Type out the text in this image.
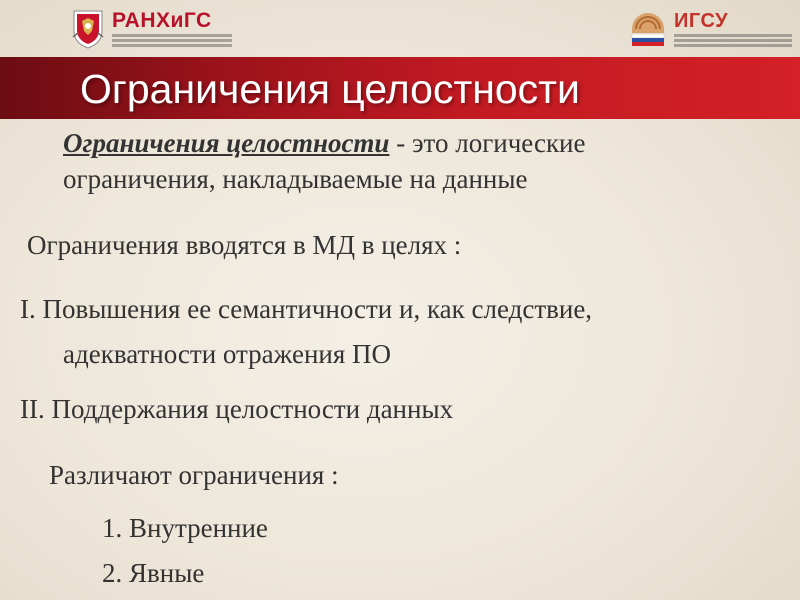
РАНХиГС	ИГСУ
Ограничения целостности
Ограничения целостности - это логические
ограничения, накладываемые на данные
Ограничения вводятся в МД в целях :
I. Повышения ее семантичности и, как следствие,
адекватности отражения ПО
II. Поддержания целостности данных
Различают ограничения :
1. Внутренние
2. Явные
